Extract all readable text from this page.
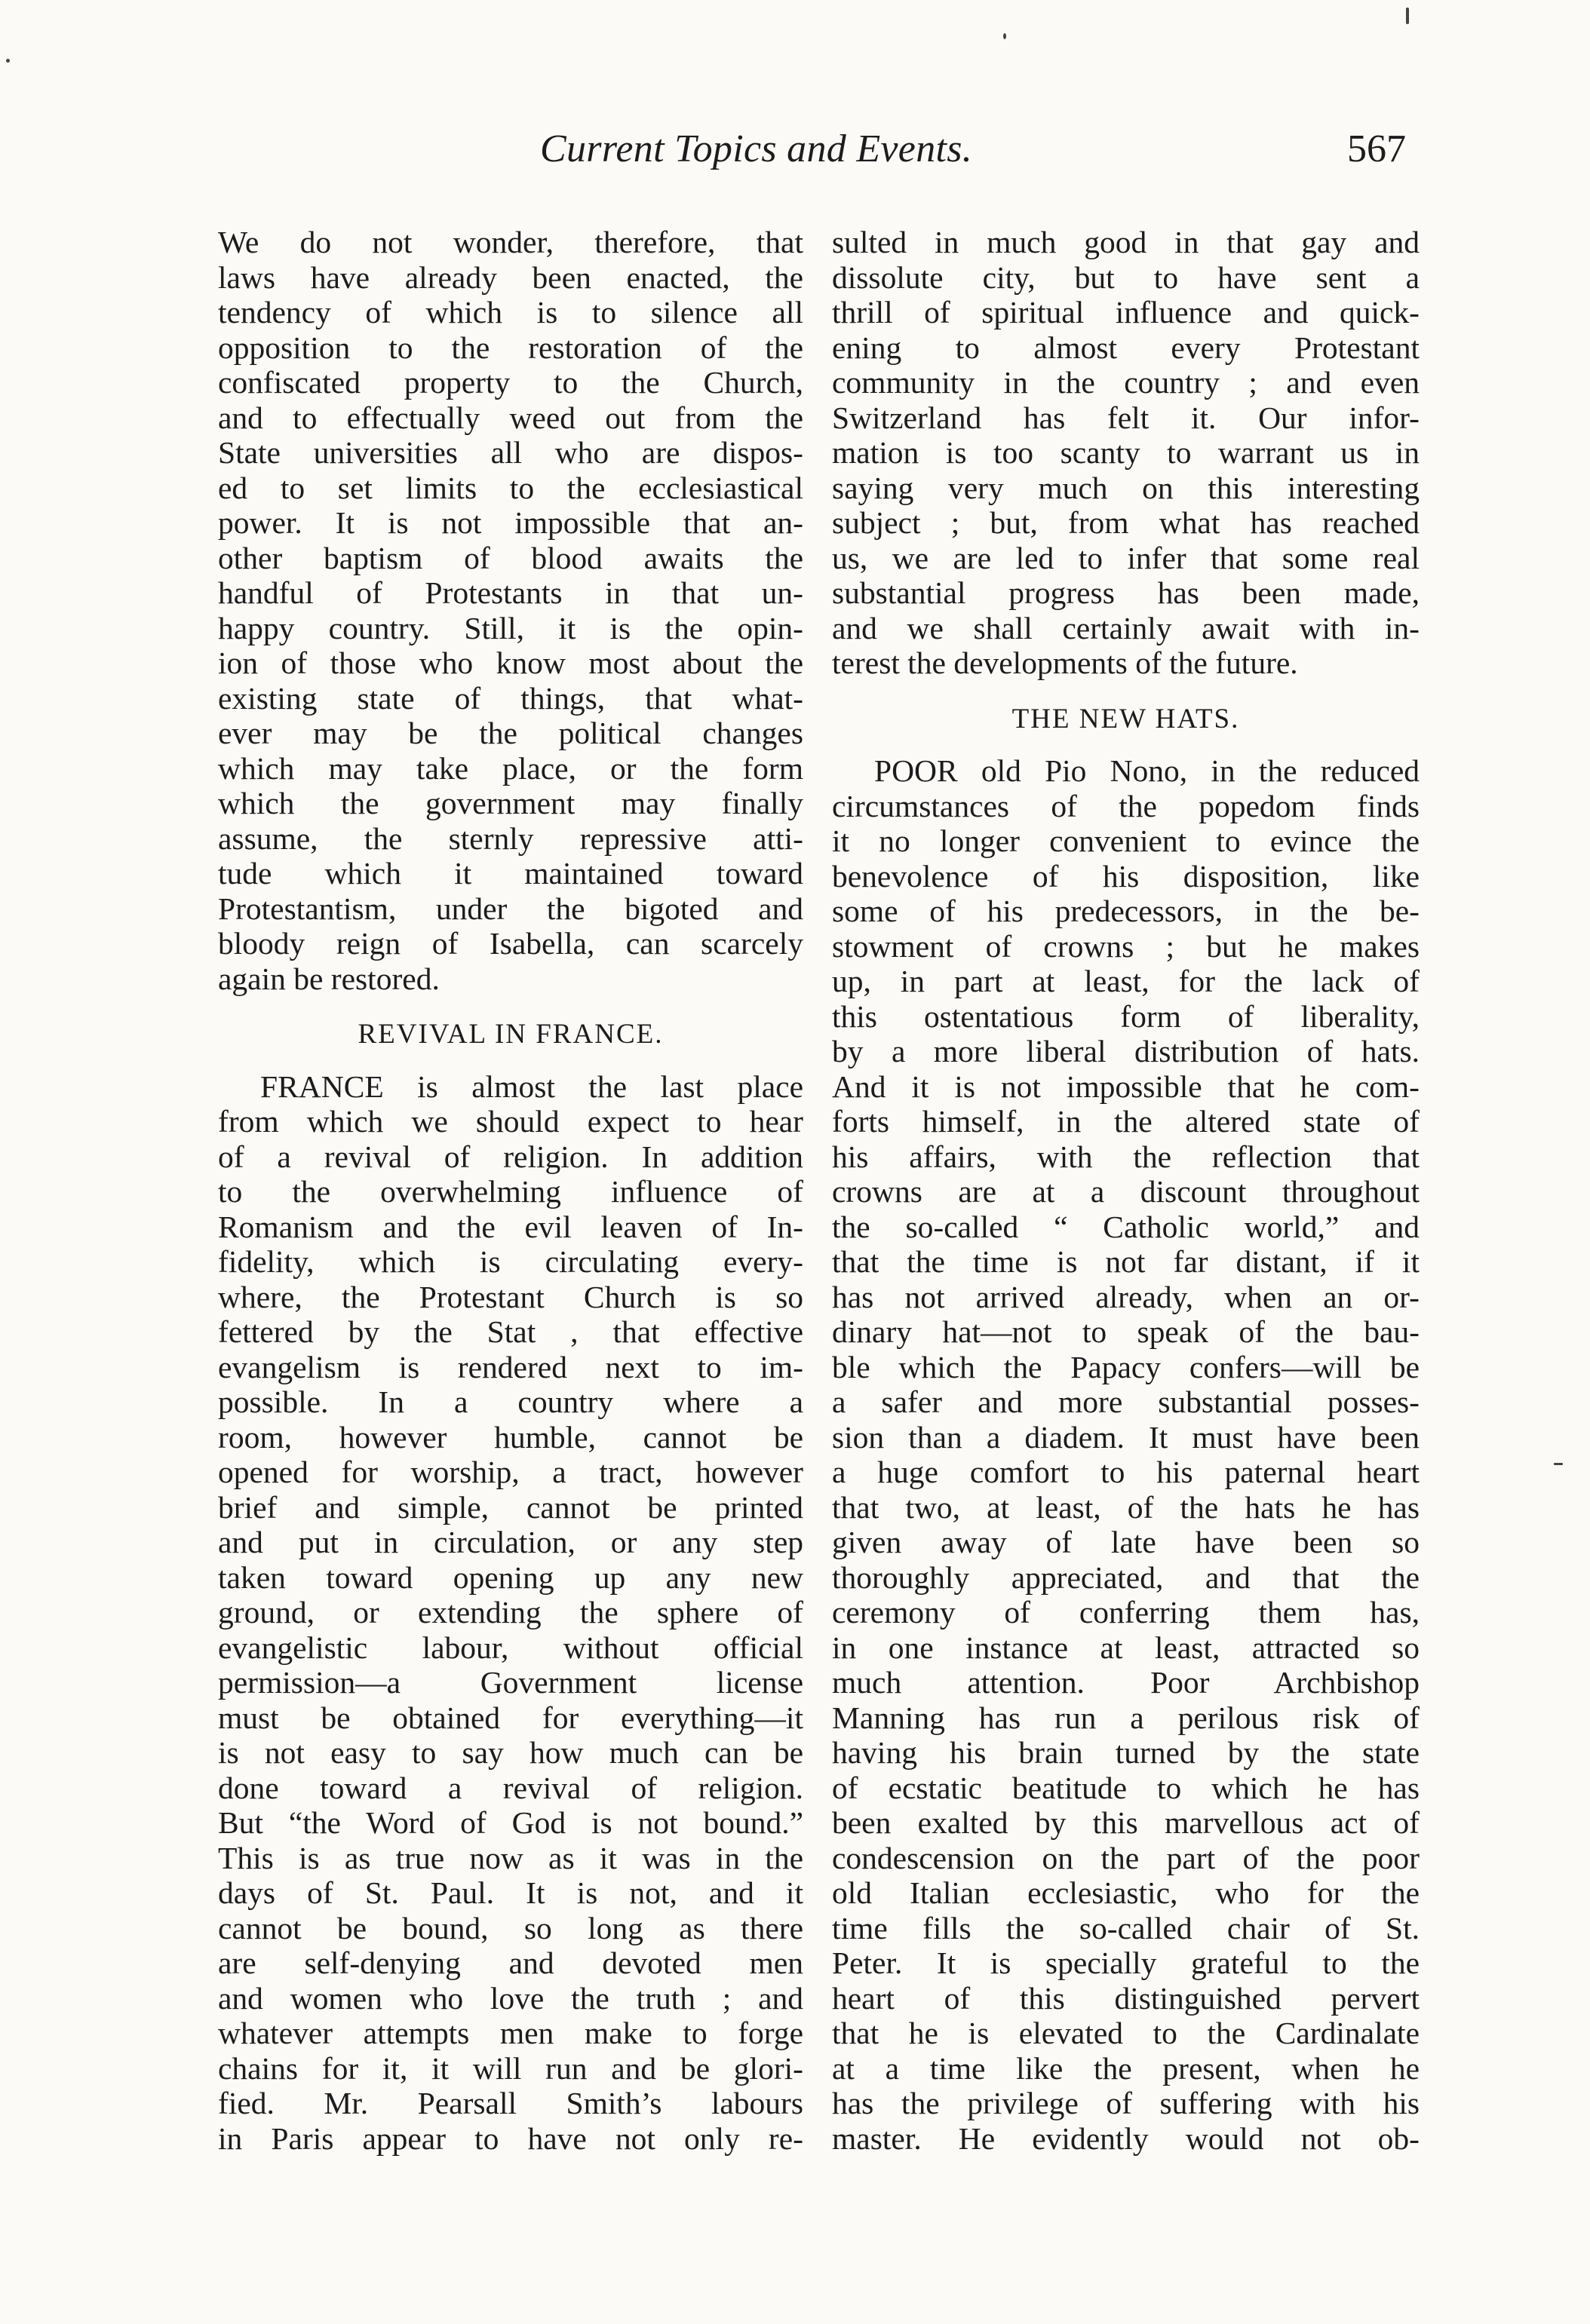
Current Topics and Events.	567
We do not wonder, therefore, that
laws have already been enacted, the
tendency of which is to silence all
opposition to the restoration of the
confiscated property to the Church,
and to effectually weed out from the
State universities all who are dispos-
ed to set limits to the ecclesiastical
power. It is not impossible that an-
other baptism of blood awaits the
handful of Protestants in that un-
happy country. Still, it is the opin-
ion of those who know most about the
existing state of things, that what-
ever may be the political changes
which may take place, or the form
which the government may finally
assume, the sternly repressive atti-
tude which it maintained toward
Protestantism, under the bigoted and
bloody reign of Isabella, can scarcely
again be restored.
REVIVAL IN FRANCE.
FRANCE is almost the last place
from which we should expect to hear
of a revival of religion. In addition
to the overwhelming influence of
Romanism and the evil leaven of In-
fidelity, which is circulating every-
where, the Protestant Church is so
fettered by the Stat , that effective
evangelism is rendered next to im-
possible. In a country where a
room, however humble, cannot be
opened for worship, a tract, however
brief and simple, cannot be printed
and put in circulation, or any step
taken toward opening up any new
ground, or extending the sphere of
evangelistic labour, without official
permission—a Government license
must be obtained for everything—it
is not easy to say how much can be
done toward a revival of religion.
But “the Word of God is not bound.”
This is as true now as it was in the
days of St. Paul. It is not, and it
cannot be bound, so long as there
are self-denying and devoted men
and women who love the truth ; and
whatever attempts men make to forge
chains for it, it will run and be glori-
fied. Mr. Pearsall Smith’s labours
in Paris appear to have not only re-
sulted in much good in that gay and
dissolute city, but to have sent a
thrill of spiritual influence and quick-
ening to almost every Protestant
community in the country ; and even
Switzerland has felt it. Our infor-
mation is too scanty to warrant us in
saying very much on this interesting
subject ; but, from what has reached
us, we are led to infer that some real
substantial progress has been made,
and we shall certainly await with in-
terest the developments of the future.
THE NEW HATS.
POOR old Pio Nono, in the reduced
circumstances of the popedom finds
it no longer convenient to evince the
benevolence of his disposition, like
some of his predecessors, in the be-
stowment of crowns ; but he makes
up, in part at least, for the lack of
this ostentatious form of liberality,
by a more liberal distribution of hats.
And it is not impossible that he com-
forts himself, in the altered state of
his affairs, with the reflection that
crowns are at a discount throughout
the so-called “ Catholic world,” and
that the time is not far distant, if it
has not arrived already, when an or-
dinary hat—not to speak of the bau-
ble which the Papacy confers—will be
a safer and more substantial posses-
sion than a diadem. It must have been
a huge comfort to his paternal heart
that two, at least, of the hats he has
given away of late have been so
thoroughly appreciated, and that the
ceremony of conferring them has,
in one instance at least, attracted so
much attention. Poor Archbishop
Manning has run a perilous risk of
having his brain turned by the state
of ecstatic beatitude to which he has
been exalted by this marvellous act of
condescension on the part of the poor
old Italian ecclesiastic, who for the
time fills the so-called chair of St.
Peter. It is specially grateful to the
heart of this distinguished pervert
that he is elevated to the Cardinalate
at a time like the present, when he
has the privilege of suffering with his
master. He evidently would not ob-
